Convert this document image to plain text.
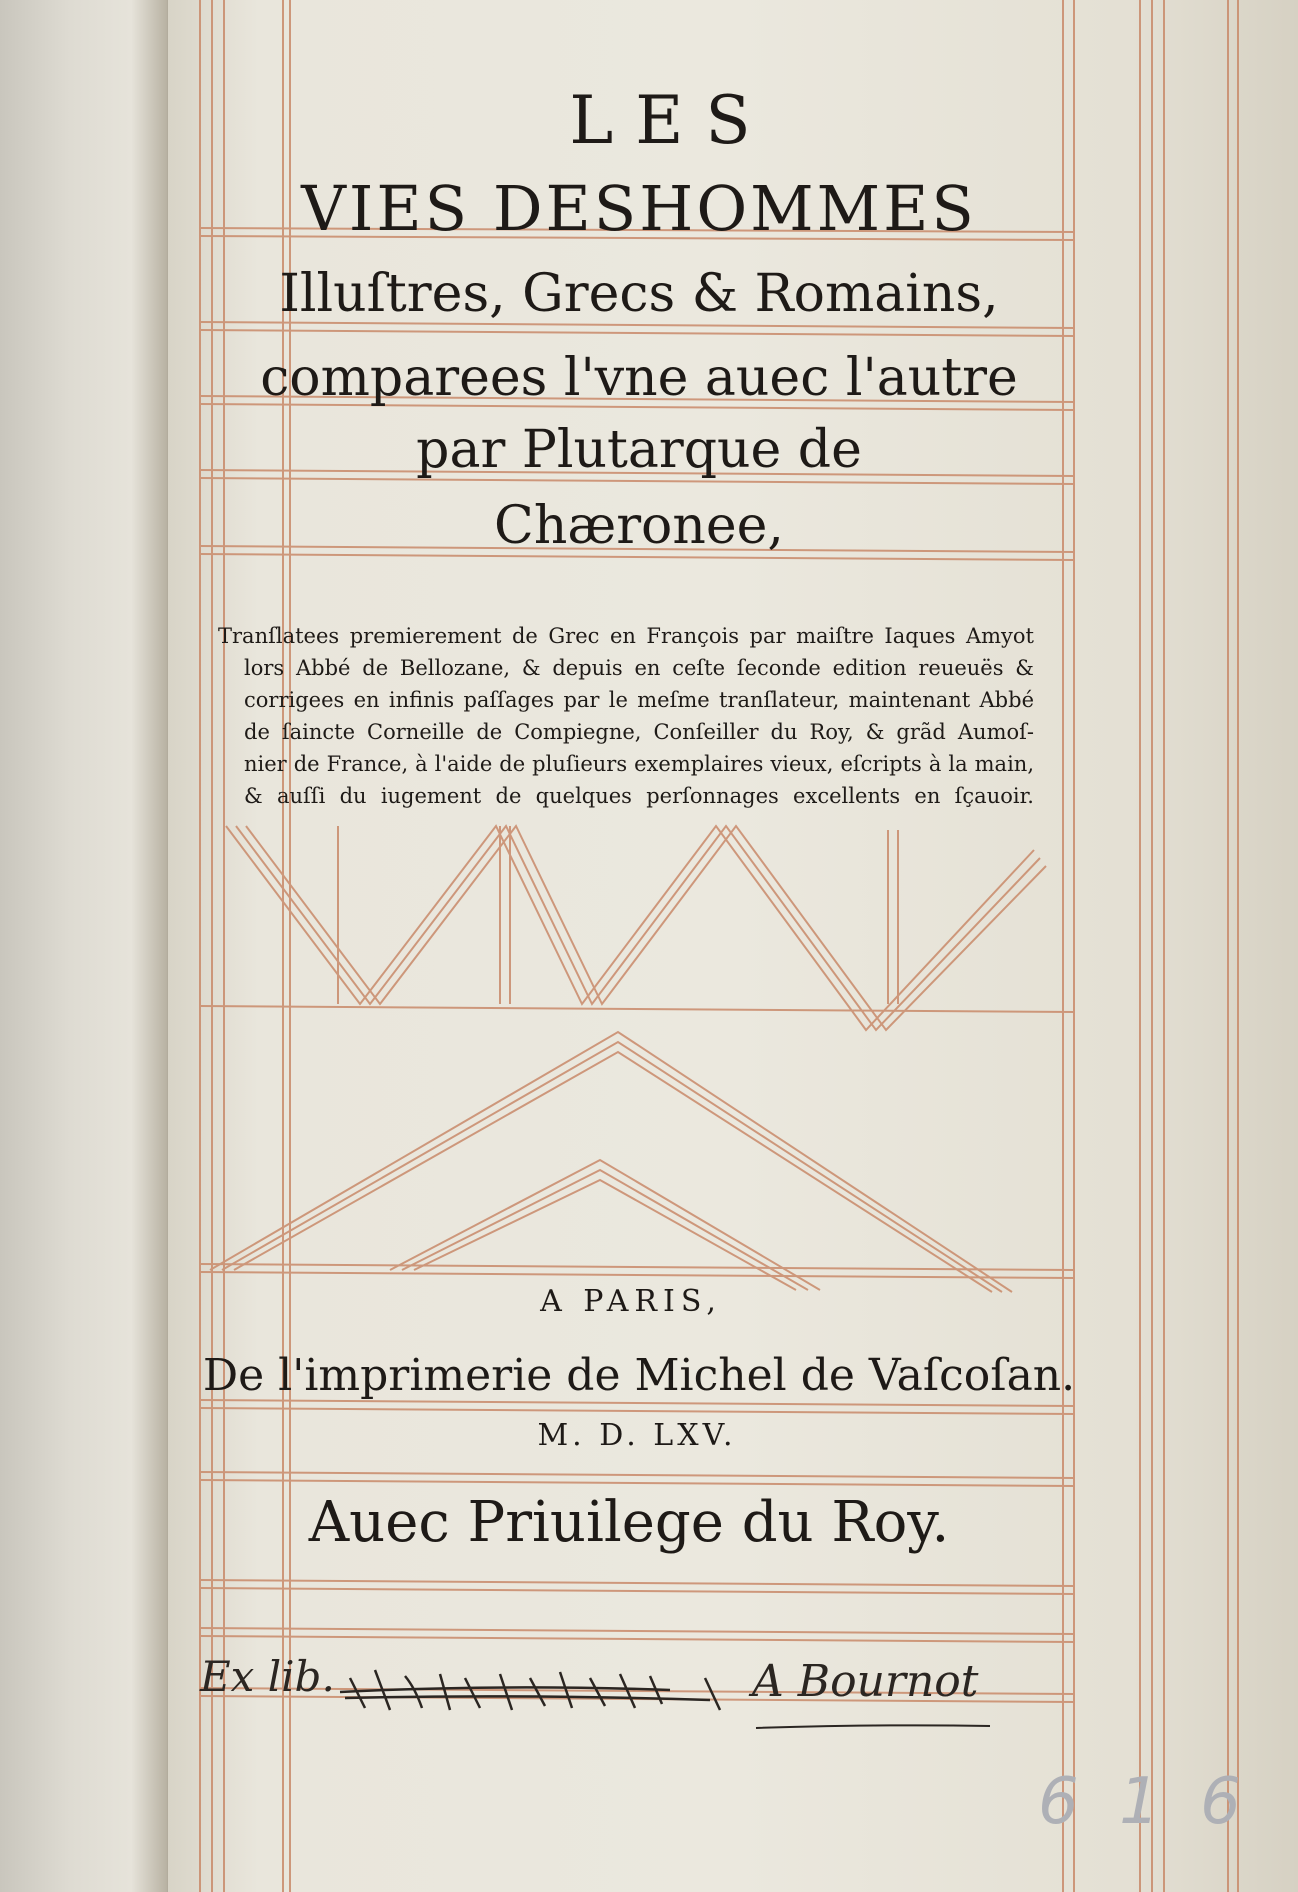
LES
VIES DESHOMMES
Illuſtres, Grecs & Romains,
comparees l'vne auec l'autre
par Plutarque de
Chæronee,
Tranſlatees premierement de Grec en François par maiſtre Iaques Amyot
lors Abbé de Bellozane, & depuis en ceſte ſeconde edition reueuës &
corrigees en infinis paſſages par le meſme tranſlateur, maintenant Abbé
de ſaincte Corneille de Compiegne, Conſeiller du Roy, & grãd Aumoſ-
nier de France, à l'aide de pluſieurs exemplaires vieux, eſcripts à la main,
& auſſi du iugement de quelques perſonnages excellents en ſçauoir.
A PARIS,
De l'imprimerie de Michel de Vaſcoſan.
M. D. LXV.
Auec Priuilege du Roy.
Ex lib.	A Bournot
6 1 6
